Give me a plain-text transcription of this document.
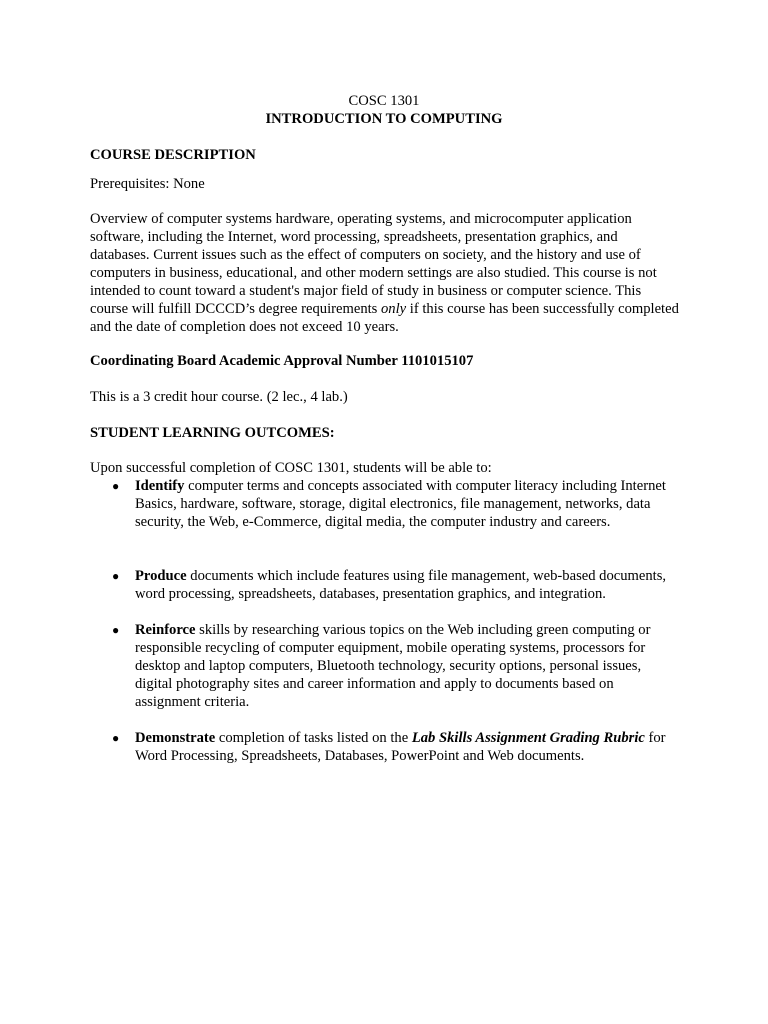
COSC 1301

INTRODUCTION TO COMPUTING

COURSE DESCRIPTION

Prerequisites: None

Overview of computer systems hardware, operating systems, and microcomputer application software, including the Internet, word processing, spreadsheets, presentation graphics, and databases. Current issues such as the effect of computers on society, and the history and use of computers in business, educational, and other modern settings are also studied. This course is not intended to count toward a student's major field of study in business or computer science. This course will fulfill DCCCD’s degree requirements only if this course has been successfully completed and the date of completion does not exceed 10 years.

Coordinating Board Academic Approval Number 1101015107

This is a 3 credit hour course. (2 lec., 4 lab.)

STUDENT LEARNING OUTCOMES:

Upon successful completion of COSC 1301, students will be able to:

● Identify computer terms and concepts associated with computer literacy including Internet Basics, hardware, software, storage, digital electronics, file management, networks, data security, the Web, e-Commerce, digital media, the computer industry and careers.
● Produce documents which include features using file management, web-based documents, word processing, spreadsheets, databases, presentation graphics, and integration.
● Reinforce skills by researching various topics on the Web including green computing or responsible recycling of computer equipment, mobile operating systems, processors for desktop and laptop computers, Bluetooth technology, security options, personal issues, digital photography sites and career information and apply to documents based on assignment criteria.
● Demonstrate completion of tasks listed on the Lab Skills Assignment Grading Rubric for Word Processing, Spreadsheets, Databases, PowerPoint and Web documents.
